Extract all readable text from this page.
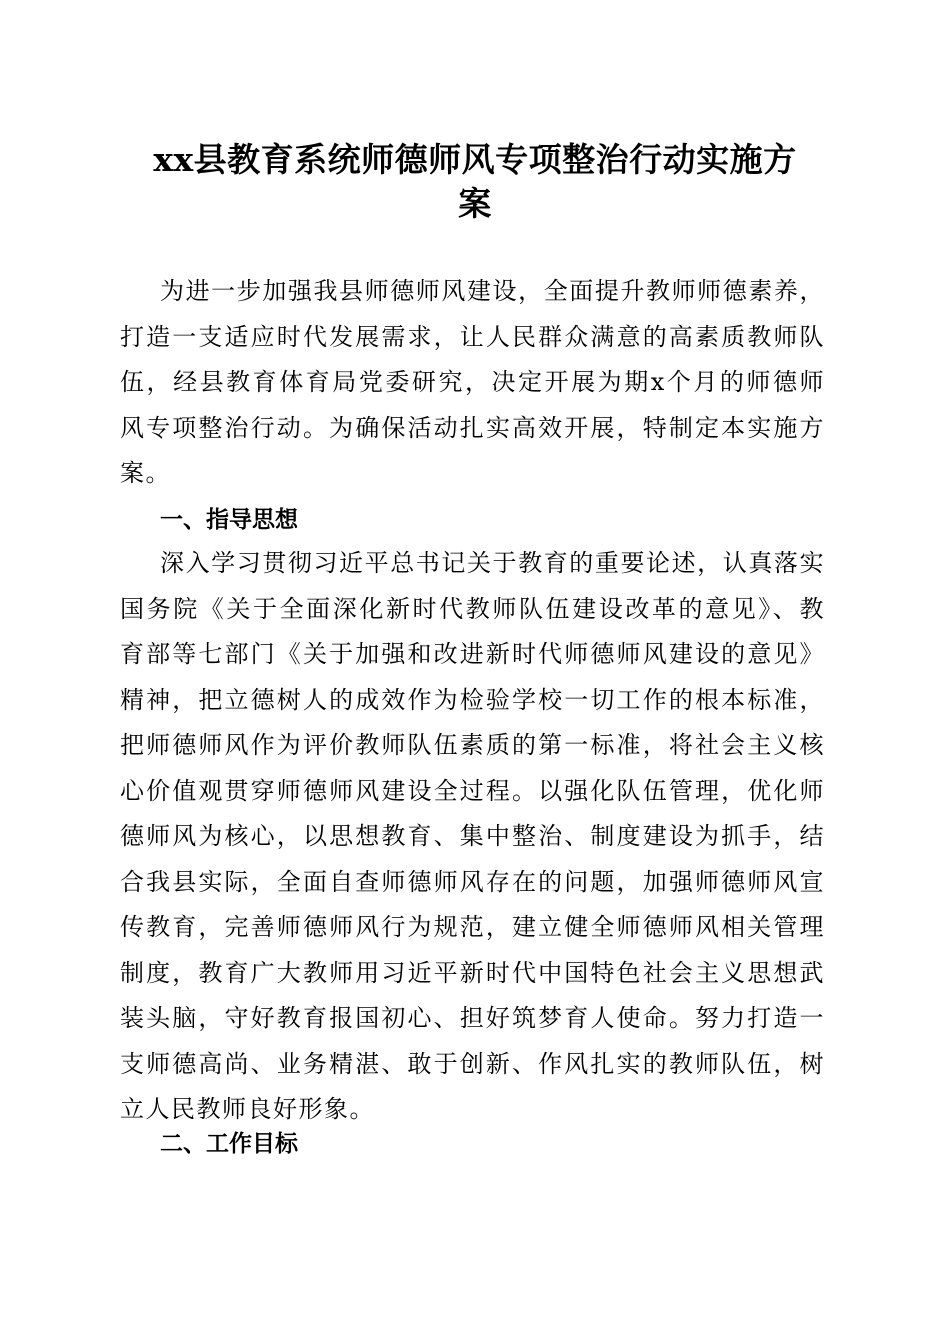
xx县教育系统师德师风专项整治行动实施方
案
为进一步加强我县师德师风建设，全面提升教师师德素养，
打造一支适应时代发展需求，让人民群众满意的高素质教师队
伍，经县教育体育局党委研究，决定开展为期x个月的师德师
风专项整治行动。为确保活动扎实高效开展，特制定本实施方
案。
一、指导思想
深入学习贯彻习近平总书记关于教育的重要论述，认真落实
国务院《关于全面深化新时代教师队伍建设改革的意见》、教
育部等七部门《关于加强和改进新时代师德师风建设的意见》
精神，把立德树人的成效作为检验学校一切工作的根本标准，
把师德师风作为评价教师队伍素质的第一标准，将社会主义核
心价值观贯穿师德师风建设全过程。以强化队伍管理，优化师
德师风为核心，以思想教育、集中整治、制度建设为抓手，结
合我县实际，全面自查师德师风存在的问题，加强师德师风宣
传教育，完善师德师风行为规范，建立健全师德师风相关管理
制度，教育广大教师用习近平新时代中国特色社会主义思想武
装头脑，守好教育报国初心、担好筑梦育人使命。努力打造一
支师德高尚、业务精湛、敢于创新、作风扎实的教师队伍，树
立人民教师良好形象。
二、工作目标
